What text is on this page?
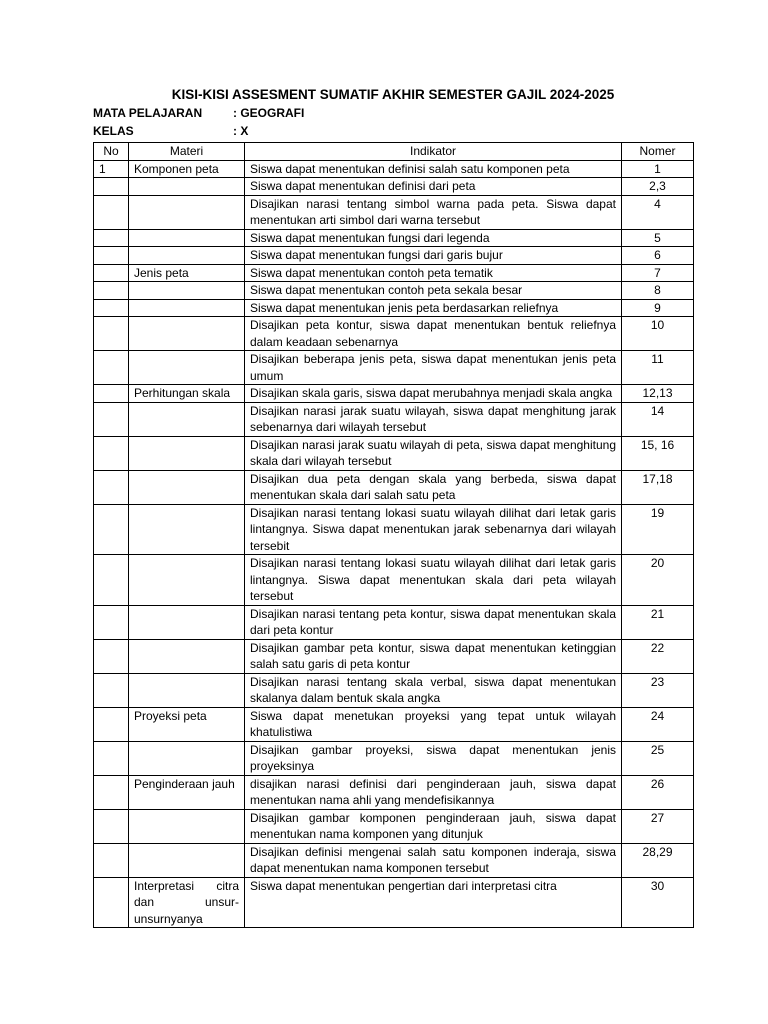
KISI-KISI ASSESMENT SUMATIF AKHIR SEMESTER GAJIL 2024-2025
MATA PELAJARAN	: GEOGRAFI
KELAS	: X
No	Materi	Indikator	Nomer
1	Komponen peta	Siswa dapat menentukan definisi salah satu komponen peta	1
		Siswa dapat menentukan definisi dari peta	2,3
		Disajikan narasi tentang simbol warna pada peta. Siswa dapat menentukan arti simbol dari warna tersebut	4
		Siswa dapat menentukan fungsi dari legenda	5
		Siswa dapat menentukan fungsi dari garis bujur	6
	Jenis peta	Siswa dapat menentukan contoh peta tematik	7
		Siswa dapat menentukan contoh peta sekala besar	8
		Siswa dapat menentukan jenis peta berdasarkan reliefnya	9
		Disajikan peta kontur, siswa dapat menentukan bentuk reliefnya dalam keadaan sebenarnya	10
		Disajikan beberapa jenis peta, siswa dapat menentukan jenis peta umum	11
	Perhitungan skala	Disajikan skala garis, siswa dapat merubahnya menjadi skala angka	12,13
		Disajikan narasi jarak suatu wilayah, siswa dapat menghitung jarak sebenarnya dari wilayah tersebut	14
		Disajikan narasi jarak suatu wilayah di peta, siswa dapat menghitung skala dari wilayah tersebut	15, 16
		Disajikan dua peta dengan skala yang berbeda, siswa dapat menentukan skala dari salah satu peta	17,18
		Disajikan narasi tentang lokasi suatu wilayah dilihat dari letak garis lintangnya. Siswa dapat menentukan jarak sebenarnya dari wilayah tersebit	19
		Disajikan narasi tentang lokasi suatu wilayah dilihat dari letak garis lintangnya. Siswa dapat menentukan skala dari peta wilayah tersebut	20
		Disajikan narasi tentang peta kontur, siswa dapat menentukan skala dari peta kontur	21
		Disajikan gambar peta kontur, siswa dapat menentukan ketinggian salah satu garis di peta kontur	22
		Disajikan narasi tentang skala verbal, siswa dapat menentukan skalanya dalam bentuk skala angka	23
	Proyeksi peta	Siswa dapat menetukan proyeksi yang tepat untuk wilayah khatulistiwa	24
		Disajikan gambar proyeksi, siswa dapat menentukan jenis proyeksinya	25
	Penginderaan jauh	disajikan narasi definisi dari penginderaan jauh, siswa dapat menentukan nama ahli yang mendefisikannya	26
		Disajikan gambar komponen penginderaan jauh, siswa dapat menentukan nama komponen yang ditunjuk	27
		Disajikan definisi mengenai salah satu komponen inderaja, siswa dapat menentukan nama komponen tersebut	28,29
	Interpretasi citra dan unsur-unsurnyanya	Siswa dapat menentukan pengertian dari interpretasi citra	30
